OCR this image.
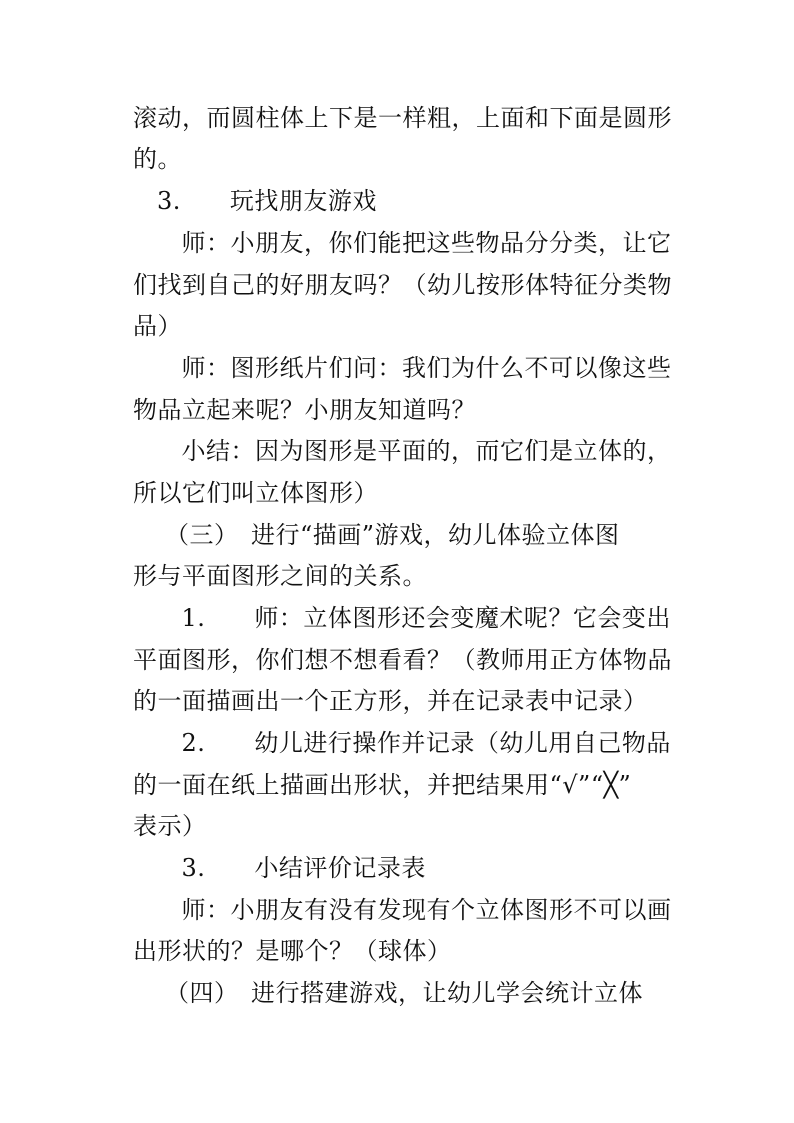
滚动，而圆柱体上下是一样粗，上面和下面是圆形
的。
3.　　玩找朋友游戏
　师：小朋友，你们能把这些物品分分类，让它
们找到自己的好朋友吗？（幼儿按形体特征分类物
品）
　师：图形纸片们问：我们为什么不可以像这些
物品立起来呢？小朋友知道吗？
　小结：因为图形是平面的，而它们是立体的，
所以它们叫立体图形）
（三）　进行“描画”游戏，幼儿体验立体图
形与平面图形之间的关系。
　1.　　师：立体图形还会变魔术呢？它会变出
平面图形，你们想不想看看？（教师用正方体物品
的一面描画出一个正方形，并在记录表中记录）
　2.　　幼儿进行操作并记录（幼儿用自己物品
的一面在纸上描画出形状，并把结果用“√”“╳”
表示）
　3.　　小结评价记录表
　师：小朋友有没有发现有个立体图形不可以画
出形状的？是哪个？（球体）
（四）　进行搭建游戏，让幼儿学会统计立体
